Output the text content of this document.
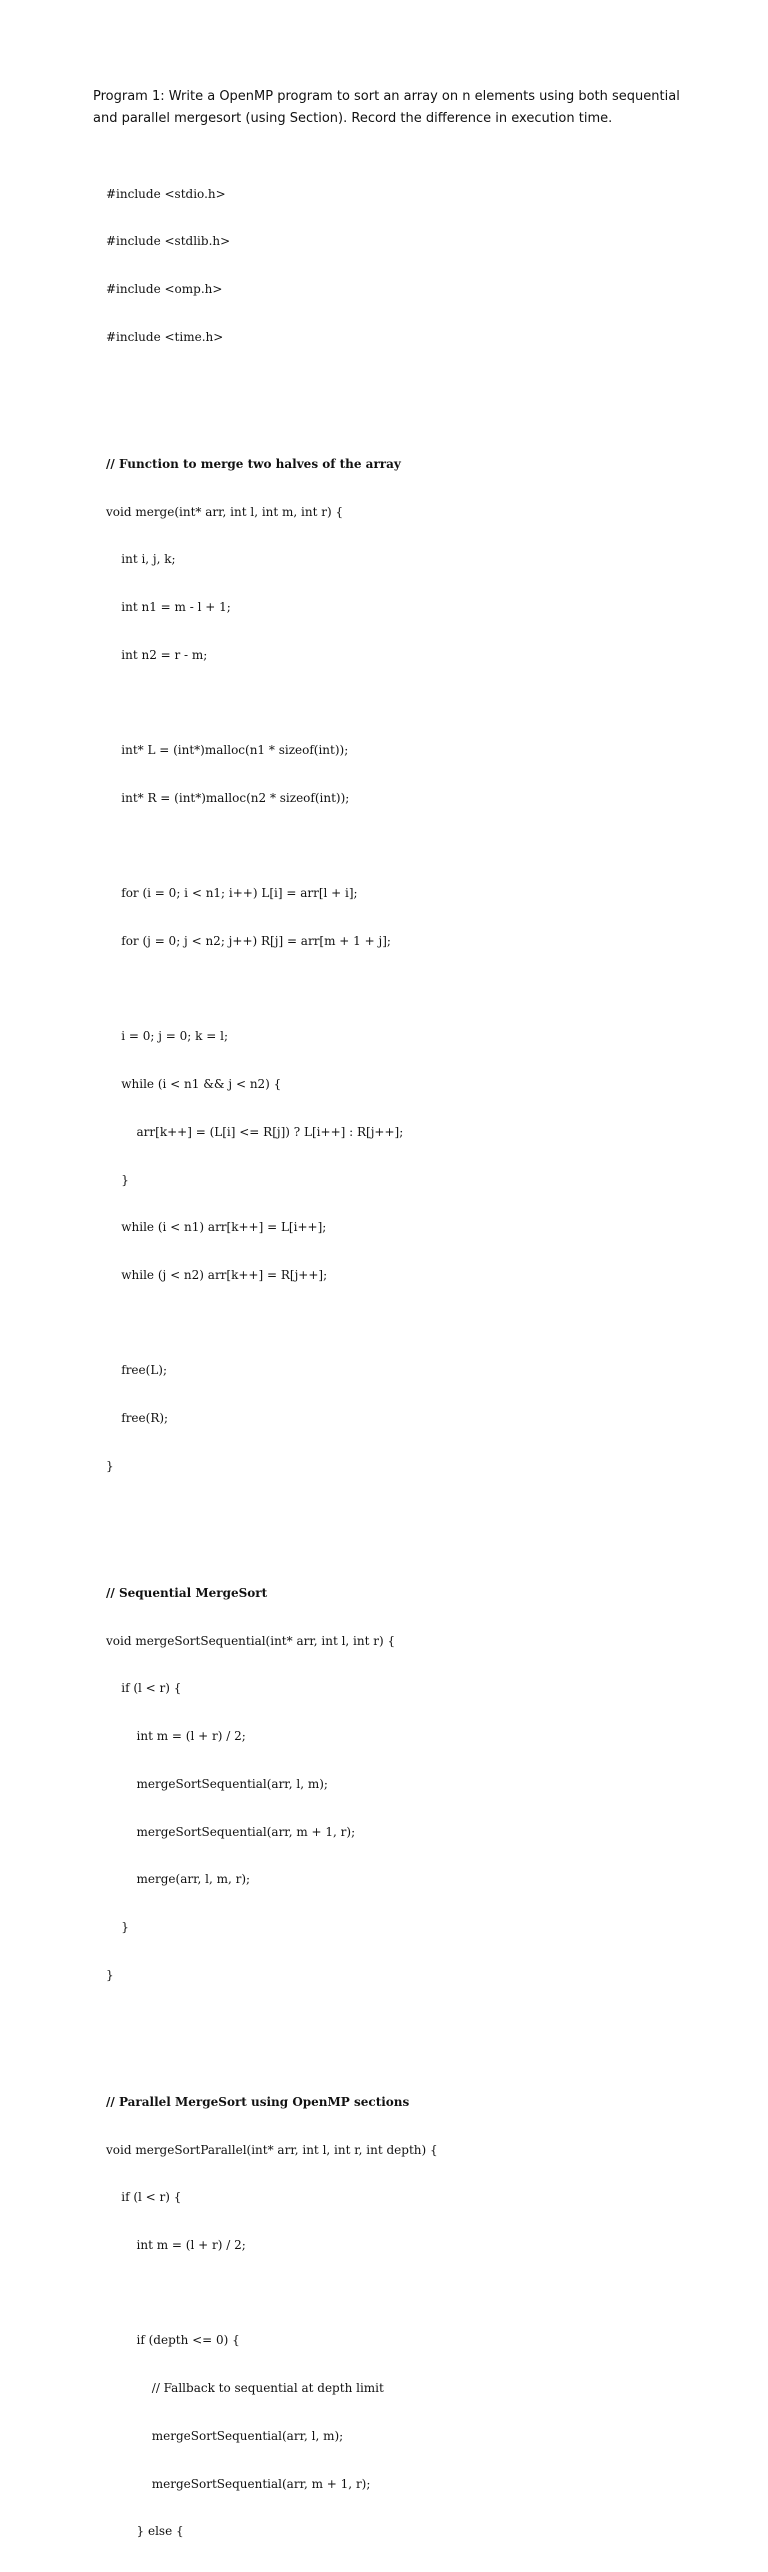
Program 1: Write a OpenMP program to sort an array on n elements using both sequential
and parallel mergesort (using Section). Record the difference in execution time.

#include <stdio.h>

#include <stdlib.h>

#include <omp.h>

#include <time.h>

// Function to merge two halves of the array

void merge(int* arr, int l, int m, int r) {

int i, j, k;

int n1 = m - l + 1;

int n2 = r - m;

int* L = (int*)malloc(n1 * sizeof(int));

int* R = (int*)malloc(n2 * sizeof(int));

for (i = 0; i < n1; i++) L[i] = arr[l + i];

for (j = 0; j < n2; j++) R[j] = arr[m + 1 + j];

i = 0; j = 0; k = l;

while (i < n1 && j < n2) {

arr[k++] = (L[i] <= R[j]) ? L[i++] : R[j++];

}

while (i < n1) arr[k++] = L[i++];

while (j < n2) arr[k++] = R[j++];

free(L);

free(R);

}

// Sequential MergeSort

void mergeSortSequential(int* arr, int l, int r) {

if (l < r) {

int m = (l + r) / 2;

mergeSortSequential(arr, l, m);

mergeSortSequential(arr, m + 1, r);

merge(arr, l, m, r);

}

}

// Parallel MergeSort using OpenMP sections

void mergeSortParallel(int* arr, int l, int r, int depth) {

if (l < r) {

int m = (l + r) / 2;

if (depth <= 0) {

// Fallback to sequential at depth limit

mergeSortSequential(arr, l, m);

mergeSortSequential(arr, m + 1, r);

} else {
